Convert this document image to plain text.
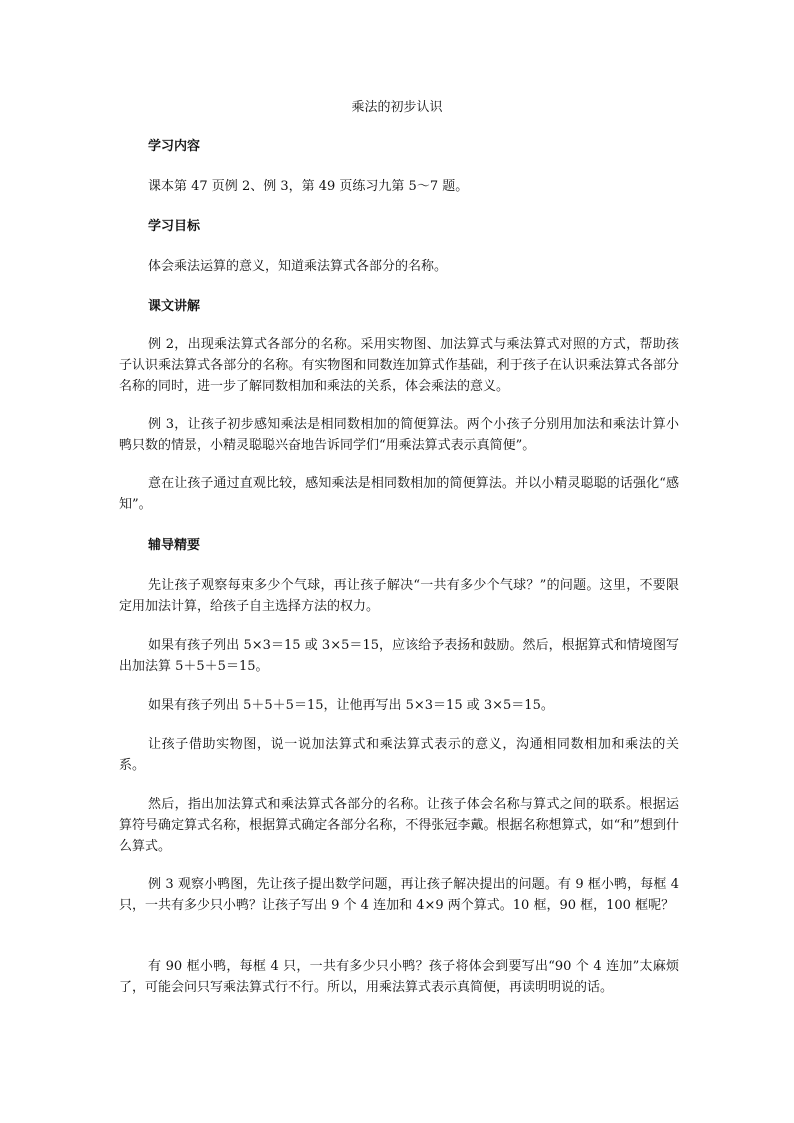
乘法的初步认识
学习内容
课本第 47 页例 2、例 3，第 49 页练习九第 5～7 题。
学习目标
体会乘法运算的意义，知道乘法算式各部分的名称。
课文讲解
例 2，出现乘法算式各部分的名称。采用实物图、加法算式与乘法算式对照的方式，帮助孩子认识乘法算式各部分的名称。有实物图和同数连加算式作基础，利于孩子在认识乘法算式各部分名称的同时，进一步了解同数相加和乘法的关系，体会乘法的意义。
例 3，让孩子初步感知乘法是相同数相加的简便算法。两个小孩子分别用加法和乘法计算小鸭只数的情景，小精灵聪聪兴奋地告诉同学们“用乘法算式表示真简便”。
意在让孩子通过直观比较，感知乘法是相同数相加的简便算法。并以小精灵聪聪的话强化“感知”。
辅导精要
先让孩子观察每束多少个气球，再让孩子解决“一共有多少个气球？”的问题。这里，不要限定用加法计算，给孩子自主选择方法的权力。
如果有孩子列出 5×3＝15 或 3×5＝15，应该给予表扬和鼓励。然后，根据算式和情境图写出加法算 5＋5＋5＝15。
如果有孩子列出 5＋5＋5＝15，让他再写出 5×3＝15 或 3×5＝15。
让孩子借助实物图，说一说加法算式和乘法算式表示的意义，沟通相同数相加和乘法的关系。
然后，指出加法算式和乘法算式各部分的名称。让孩子体会名称与算式之间的联系。根据运算符号确定算式名称，根据算式确定各部分名称，不得张冠李戴。根据名称想算式，如“和”想到什么算式。
例 3 观察小鸭图，先让孩子提出数学问题，再让孩子解决提出的问题。有 9 框小鸭，每框 4 只，一共有多少只小鸭？让孩子写出 9 个 4 连加和 4×9 两个算式。10 框，90 框，100 框呢？
有 90 框小鸭，每框 4 只，一共有多少只小鸭？孩子将体会到要写出“90 个 4 连加”太麻烦了，可能会问只写乘法算式行不行。所以，用乘法算式表示真简便，再读明明说的话。
